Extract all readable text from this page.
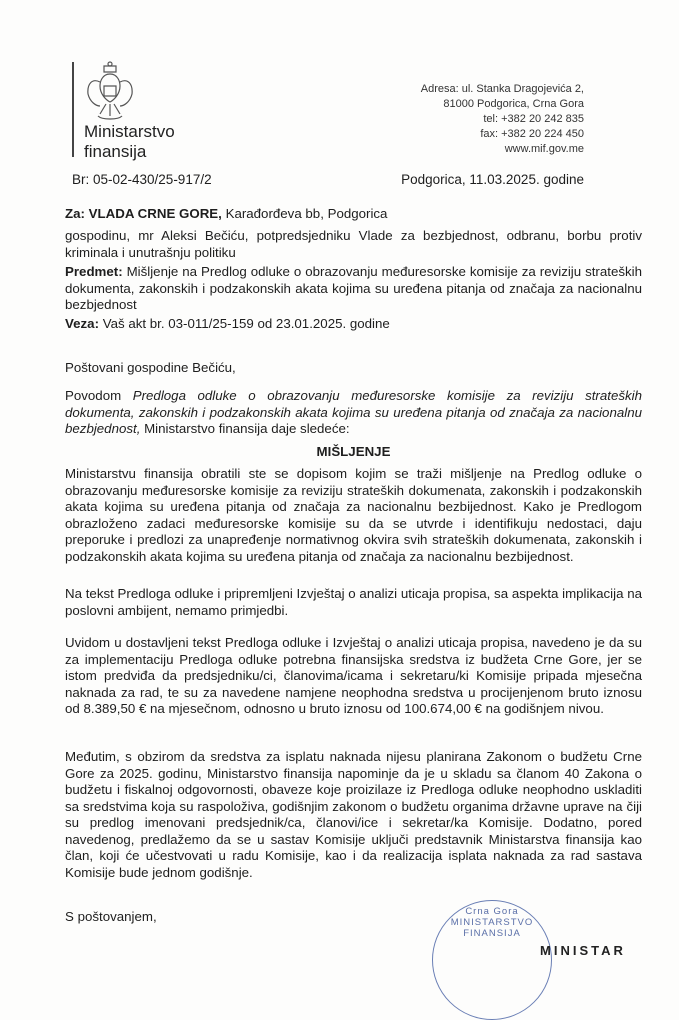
Ministarstvo
finansija
Adresa: ul. Stanka Dragojevića 2,
81000 Podgorica, Crna Gora
tel: +382 20 242 835
fax: +382 20 224 450
www.mif.gov.me
Br: 05-02-430/25-917/2	Podgorica, 11.03.2025. godine
Za: VLADA CRNE GORE, Karađorđeva bb, Podgorica
gospodinu, mr Aleksi Bečiću, potpredsjedniku Vlade za bezbjednost, odbranu, borbu protiv kriminala i unutrašnju politiku
Predmet: Mišljenje na Predlog odluke o obrazovanju međuresorske komisije za reviziju strateških dokumenta, zakonskih i podzakonskih akata kojima su uređena pitanja od značaja za nacionalnu bezbjednost
Veza: Vaš akt br. 03-011/25-159 od 23.01.2025. godine
Poštovani gospodine Bečiću,
Povodom Predloga odluke o obrazovanju međuresorske komisije za reviziju strateških dokumenta, zakonskih i podzakonskih akata kojima su uređena pitanja od značaja za nacionalnu bezbjednost, Ministarstvo finansija daje sledeće:
MIŠLJENJE
Ministarstvu finansija obratili ste se dopisom kojim se traži mišljenje na Predlog odluke o obrazovanju međuresorske komisije za reviziju strateških dokumenata, zakonskih i podzakonskih akata kojima su uređena pitanja od značaja za nacionalnu bezbijednost. Kako je Predlogom obrazloženo zadaci međuresorske komisije su da se utvrde i identifikuju nedostaci, daju preporuke i predlozi za unapređenje normativnog okvira svih strateških dokumenata, zakonskih i podzakonskih akata kojima su uređena pitanja od značaja za nacionalnu bezbijednost.
Na tekst Predloga odluke i pripremljeni Izvještaj o analizi uticaja propisa, sa aspekta implikacija na poslovni ambijent, nemamo primjedbi.
Uvidom u dostavljeni tekst Predloga odluke i Izvještaj o analizi uticaja propisa, navedeno je da su za implementaciju Predloga odluke potrebna finansijska sredstva iz budžeta Crne Gore, jer se istom predviđa da predsjedniku/ci, članovima/icama i sekretaru/ki Komisije pripada mjesečna naknada za rad, te su za navedene namjene neophodna sredstva u procijenjenom bruto iznosu od 8.389,50 € na mjesečnom, odnosno u bruto iznosu od 100.674,00 € na godišnjem nivou.
Međutim, s obzirom da sredstva za isplatu naknada nijesu planirana Zakonom o budžetu Crne Gore za 2025. godinu, Ministarstvo finansija napominje da je u skladu sa članom 40 Zakona o budžetu i fiskalnoj odgovornosti, obaveze koje proizilaze iz Predloga odluke neophodno uskladiti sa sredstvima koja su raspoloživa, godišnjim zakonom o budžetu organima državne uprave na čiji su predlog imenovani predsjednik/ca, članovi/ice i sekretar/ka Komisije. Dodatno, pored navedenog, predlažemo da se u sastav Komisije uključi predstavnik Ministarstva finansija kao član, koji će učestvovati u radu Komisije, kao i da realizacija isplata naknada za rad sastava Komisije bude jednom godišnje.
S poštovanjem,	Crna Gora MINISTARSTVO FINANSIJA
MINISTAR
